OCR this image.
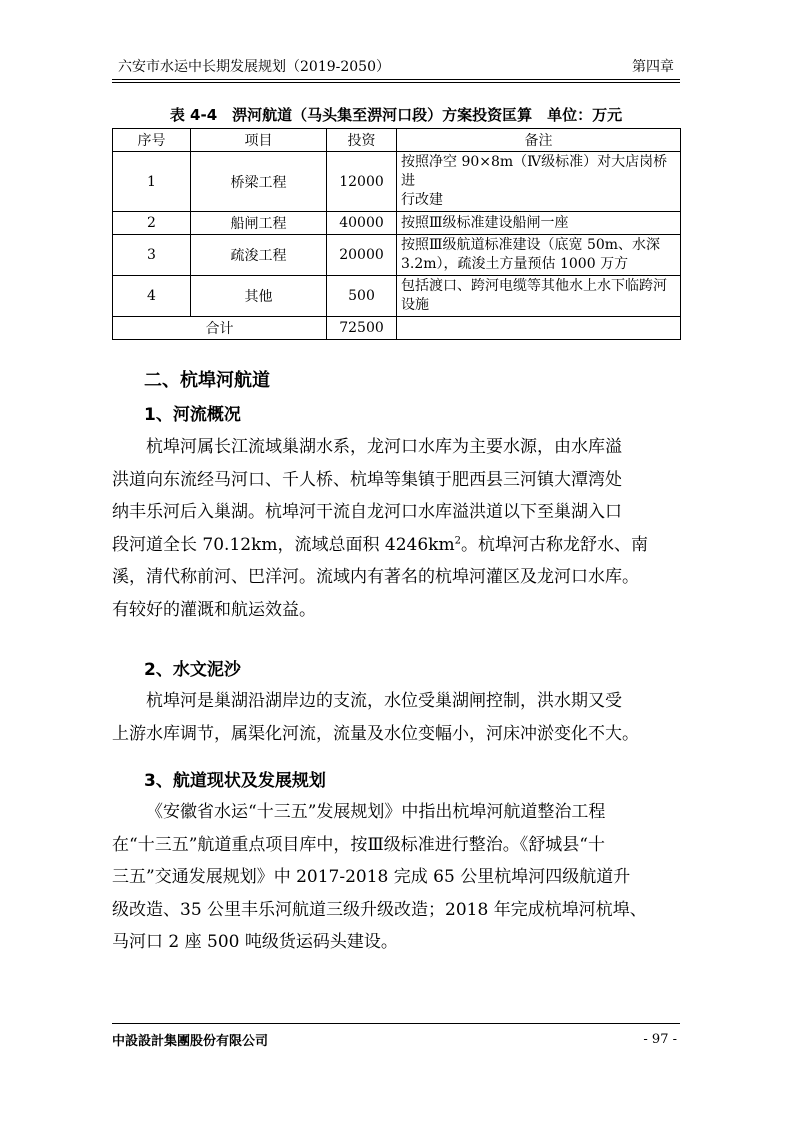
六安市水运中长期发展规划（2019-2050）	第四章
表 4-4　淠河航道（马头集至淠河口段）方案投资匡算　单位：万元
序号	项目	投资	备注
1	桥梁工程	12000	按照净空 90×8m（Ⅳ级标准）对大店岗桥进
行改建
2	船闸工程	40000	按照Ⅲ级标准建设船闸一座
3	疏浚工程	20000	按照Ⅲ级航道标准建设（底宽 50m、水深
3.2m），疏浚土方量预估 1000 万方
4	其他	500	包括渡口、跨河电缆等其他水上水下临跨河
设施
合计		72500	
二、杭埠河航道
1、河流概况
杭埠河属长江流域巢湖水系，龙河口水库为主要水源，由水库溢
洪道向东流经马河口、千人桥、杭埠等集镇于肥西县三河镇大潭湾处
纳丰乐河后入巢湖。杭埠河干流自龙河口水库溢洪道以下至巢湖入口
段河道全长 70.12km，流域总面积 $4246km^2$。杭埠河古称龙舒水、南
溪，清代称前河、巴洋河。流域内有著名的杭埠河灌区及龙河口水库。
有较好的灌溉和航运效益。
2、水文泥沙
杭埠河是巢湖沿湖岸边的支流，水位受巢湖闸控制，洪水期又受
上游水库调节，属渠化河流，流量及水位变幅小，河床冲淤变化不大。
3、航道现状及发展规划
《安徽省水运“十三五”发展规划》中指出杭埠河航道整治工程
在“十三五”航道重点项目库中，按Ⅲ级标准进行整治。《舒城县“十
三五”交通发展规划》中 2017-2018 完成 65 公里杭埠河四级航道升
级改造、35 公里丰乐河航道三级升级改造；2018 年完成杭埠河杭埠、
马河口 2 座 500 吨级货运码头建设。
中設設計集團股份有限公司	- 97 -
